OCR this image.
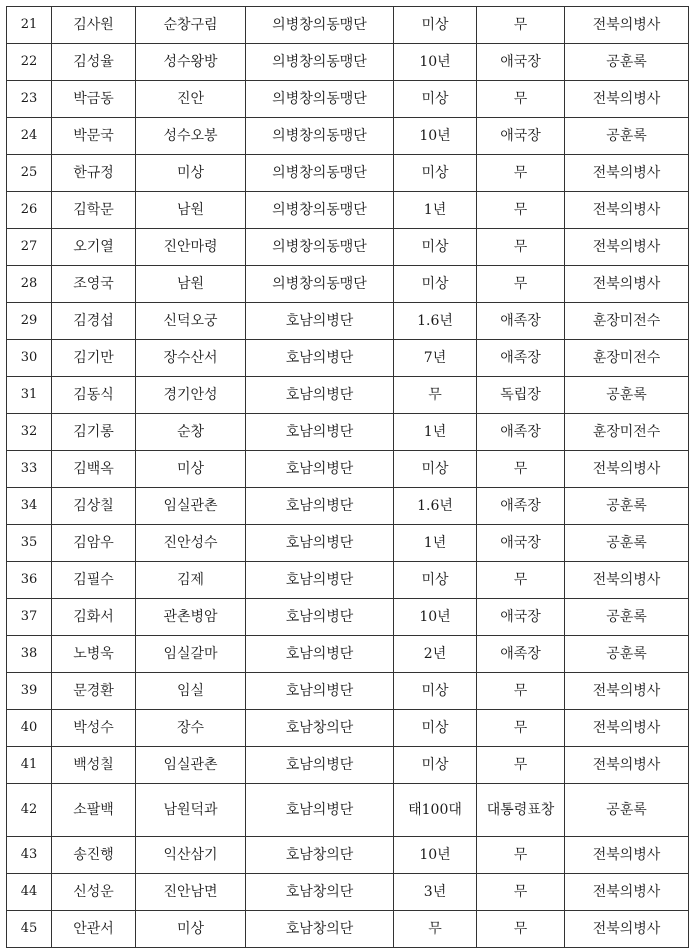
21	김사원	순창구림	의병창의동맹단	미상	무	전북의병사
22	김성율	성수왕방	의병창의동맹단	10년	애국장	공훈록
23	박금동	진안	의병창의동맹단	미상	무	전북의병사
24	박문국	성수오봉	의병창의동맹단	10년	애국장	공훈록
25	한규정	미상	의병창의동맹단	미상	무	전북의병사
26	김학문	남원	의병창의동맹단	1년	무	전북의병사
27	오기열	진안마령	의병창의동맹단	미상	무	전북의병사
28	조영국	남원	의병창의동맹단	미상	무	전북의병사
29	김경섭	신덕오궁	호남의병단	1.6년	애족장	훈장미전수
30	김기만	장수산서	호남의병단	7년	애족장	훈장미전수
31	김동식	경기안성	호남의병단	무	독립장	공훈록
32	김기롱	순창	호남의병단	1년	애족장	훈장미전수
33	김백옥	미상	호남의병단	미상	무	전북의병사
34	김상칠	임실관촌	호남의병단	1.6년	애족장	공훈록
35	김암우	진안성수	호남의병단	1년	애국장	공훈록
36	김필수	김제	호남의병단	미상	무	전북의병사
37	김화서	관촌병암	호남의병단	10년	애국장	공훈록
38	노병욱	임실갈마	호남의병단	2년	애족장	공훈록
39	문경환	임실	호남의병단	미상	무	전북의병사
40	박성수	장수	호남창의단	미상	무	전북의병사
41	백성칠	임실관촌	호남의병단	미상	무	전북의병사
42	소팔백	남원덕과	호남의병단	태100대	대통령표창	공훈록
43	송진행	익산삼기	호남창의단	10년	무	전북의병사
44	신성운	진안남면	호남창의단	3년	무	전북의병사
45	안관서	미상	호남창의단	무	무	전북의병사
